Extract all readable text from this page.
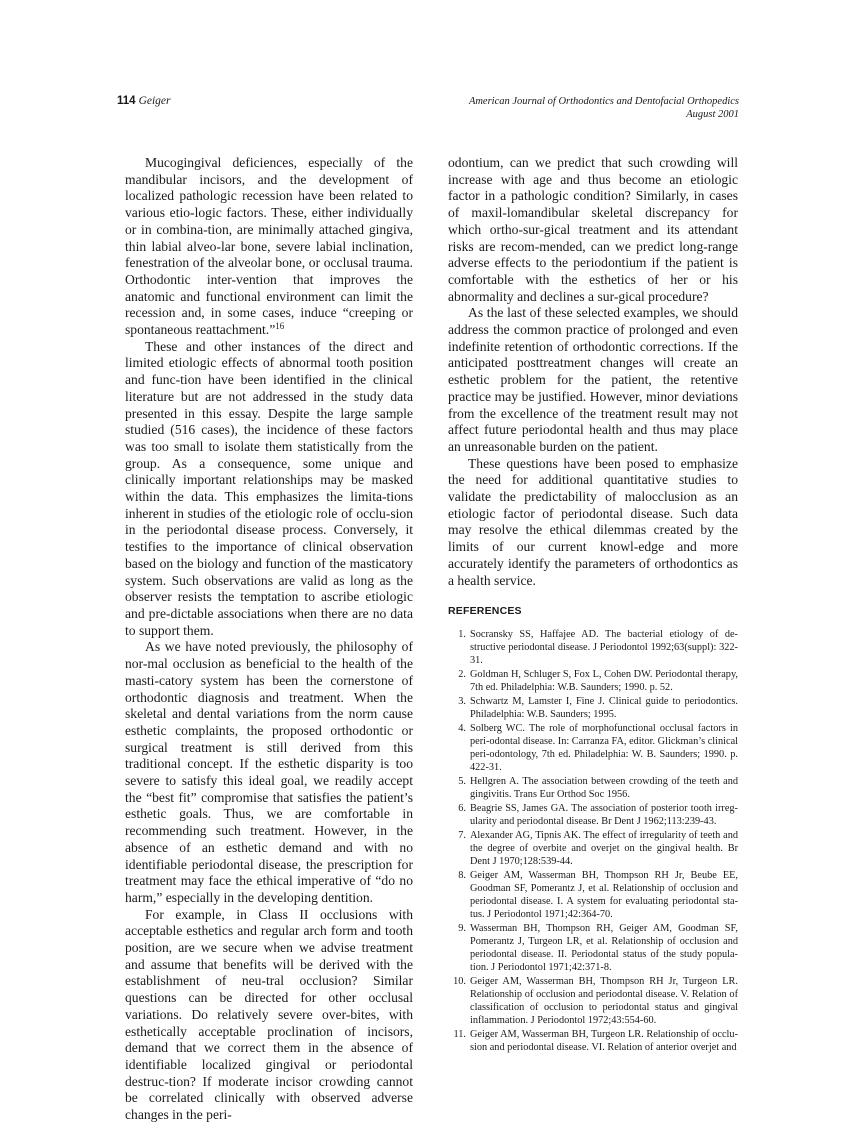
114 Geiger	American Journal of Orthodontics and Dentofacial Orthopedics
August 2001

Mucogingival deficiences, especially of the mandibular incisors, and the development of localized pathologic recession have been related to various etio-logic factors. These, either individually or in combina-tion, are minimally attached gingiva, thin labial alveo-lar bone, severe labial inclination, fenestration of the alveolar bone, or occlusal trauma. Orthodontic inter-vention that improves the anatomic and functional environment can limit the recession and, in some cases, induce “creeping or spontaneous reattachment.”$^{16}$

These and other instances of the direct and limited etiologic effects of abnormal tooth position and func-tion have been identified in the clinical literature but are not addressed in the study data presented in this essay. Despite the large sample studied (516 cases), the incidence of these factors was too small to isolate them statistically from the group. As a consequence, some unique and clinically important relationships may be masked within the data. This emphasizes the limita-tions inherent in studies of the etiologic role of occlu-sion in the periodontal disease process. Conversely, it testifies to the importance of clinical observation based on the biology and function of the masticatory system. Such observations are valid as long as the observer resists the temptation to ascribe etiologic and pre-dictable associations when there are no data to support them.

As we have noted previously, the philosophy of nor-mal occlusion as beneficial to the health of the masti-catory system has been the cornerstone of orthodontic diagnosis and treatment. When the skeletal and dental variations from the norm cause esthetic complaints, the proposed orthodontic or surgical treatment is still derived from this traditional concept. If the esthetic disparity is too severe to satisfy this ideal goal, we readily accept the “best fit” compromise that satisfies the patient’s esthetic goals. Thus, we are comfortable in recommending such treatment. However, in the absence of an esthetic demand and with no identifiable periodontal disease, the prescription for treatment may face the ethical imperative of “do no harm,” especially in the developing dentition.

For example, in Class II occlusions with acceptable esthetics and regular arch form and tooth position, are we secure when we advise treatment and assume that benefits will be derived with the establishment of neu-tral occlusion? Similar questions can be directed for other occlusal variations. Do relatively severe over-bites, with esthetically acceptable proclination of incisors, demand that we correct them in the absence of identifiable localized gingival or periodontal destruc-tion? If moderate incisor crowding cannot be correlated clinically with observed adverse changes in the peri-

odontium, can we predict that such crowding will increase with age and thus become an etiologic factor in a pathologic condition? Similarly, in cases of maxil-lomandibular skeletal discrepancy for which ortho-sur-gical treatment and its attendant risks are recom-mended, can we predict long-range adverse effects to the periodontium if the patient is comfortable with the esthetics of her or his abnormality and declines a sur-gical procedure?

As the last of these selected examples, we should address the common practice of prolonged and even indefinite retention of orthodontic corrections. If the anticipated posttreatment changes will create an esthetic problem for the patient, the retentive practice may be justified. However, minor deviations from the excellence of the treatment result may not affect future periodontal health and thus may place an unreasonable burden on the patient.

These questions have been posed to emphasize the need for additional quantitative studies to validate the predictability of malocclusion as an etiologic factor of periodontal disease. Such data may resolve the ethical dilemmas created by the limits of our current knowl-edge and more accurately identify the parameters of orthodontics as a health service.

REFERENCES
1. Socransky SS, Haffajee AD. The bacterial etiology of de-structive periodontal disease. J Periodontol 1992;63(suppl): 322-31.
2. Goldman H, Schluger S, Fox L, Cohen DW. Periodontal therapy, 7th ed. Philadelphia: W.B. Saunders; 1990. p. 52.
3. Schwartz M, Lamster I, Fine J. Clinical guide to periodontics. Philadelphia: W.B. Saunders; 1995.
4. Solberg WC. The role of morphofunctional occlusal factors in peri-odontal disease. In: Carranza FA, editor. Glickman’s clinical peri-odontology, 7th ed. Philadelphia: W. B. Saunders; 1990. p. 422-31.
5. Hellgren A. The association between crowding of the teeth and gingivitis. Trans Eur Orthod Soc 1956.
6. Beagrie SS, James GA. The association of posterior tooth irreg-ularity and periodontal disease. Br Dent J 1962;113:239-43.
7. Alexander AG, Tipnis AK. The effect of irregularity of teeth and the degree of overbite and overjet on the gingival health. Br Dent J 1970;128:539-44.
8. Geiger AM, Wasserman BH, Thompson RH Jr, Beube EE, Goodman SF, Pomerantz J, et al. Relationship of occlusion and periodontal disease. I. A system for evaluating periodontal sta-tus. J Periodontol 1971;42:364-70.
9. Wasserman BH, Thompson RH, Geiger AM, Goodman SF, Pomerantz J, Turgeon LR, et al. Relationship of occlusion and periodontal disease. II. Periodontal status of the study popula-tion. J Periodontol 1971;42:371-8.
10. Geiger AM, Wasserman BH, Thompson RH Jr, Turgeon LR. Relationship of occlusion and periodontal disease. V. Relation of classification of occlusion to periodontal status and gingival inflammation. J Periodontol 1972;43:554-60.
11. Geiger AM, Wasserman BH, Turgeon LR. Relationship of occlu-sion and periodontal disease. VI. Relation of anterior overjet and
